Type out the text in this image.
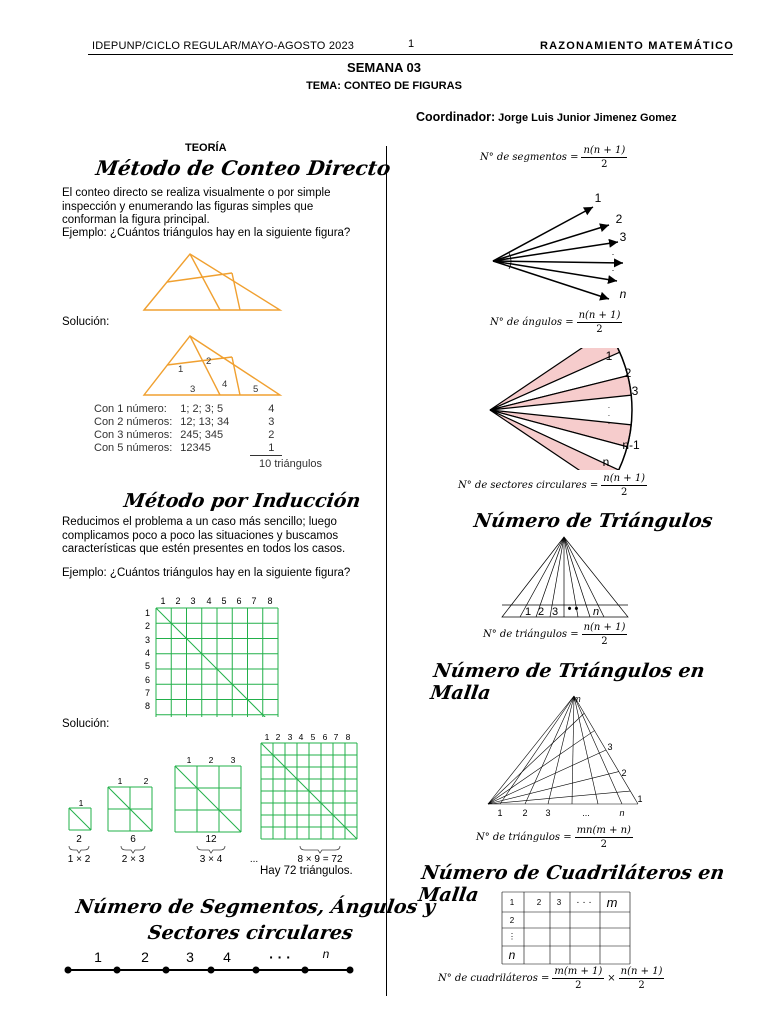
IDEPUNP/CICLO REGULAR/MAYO-AGOSTO 2023	1	RAZONAMIENTO MATEMÁTICO
SEMANA 03
TEMA: CONTEO DE FIGURAS
Coordinador: Jorge Luis Junior Jimenez Gomez
TEORÍA
Método de Conteo Directo
El conteo directo se realiza visualmente o por simple inspección y enumerando las figuras simples que conforman la figura principal.
Ejemplo: ¿Cuántos triángulos hay en la siguiente figura?
Solución:
1
2
3	4	5
Con 1 número:	1; 2; 3; 5	4
Con 2 números:	12; 13; 34	3
Con 3 números:	245; 345	2
Con 5 números:	12345	1
10 triángulos
Método por Inducción
Reducimos el problema a un caso más sencillo; luego complicamos poco a poco las situaciones y buscamos características que estén presentes en todos los casos.
Ejemplo: ¿Cuántos triángulos hay en la siguiente figura?
1 2 3 4 5 6 7 8
1
2
3
4
5
6
7
8
Solución:
1
1	2
1 2 3
1 2 3 4 5 6 7 8
2	6	12
1 × 2	2 × 3	3 × 4	...	8 × 9 = 72
Hay 72 triángulos.
Número de Segmentos, Ángulos y
Sectores circulares
1	2	3 4	· · ·	n
N° de segmentos = $\frac{n(n + 1)}{2}$
1
2
3
n
·
·
·
N° de ángulos = $\frac{n(n + 1)}{2}$
1
2
3
n-1
n
·
·
·
N° de sectores circulares = $\frac{n(n + 1)}{2}$
Número de Triángulos
1 2 3 • • n
N° de triángulos = $\frac{n(n + 1)}{2}$
Número de Triángulos en Malla	m
1 2 3	...	n
1
2
3
N° de triángulos = $\frac{mn(m + n)}{2}$
Número de Cuadriláteros en Malla	1	2 3 · · · m
2
⋮
n
N° de cuadriláteros = $\frac{m(m + 1)}{2} \times \frac{n(n + 1)}{2}$
